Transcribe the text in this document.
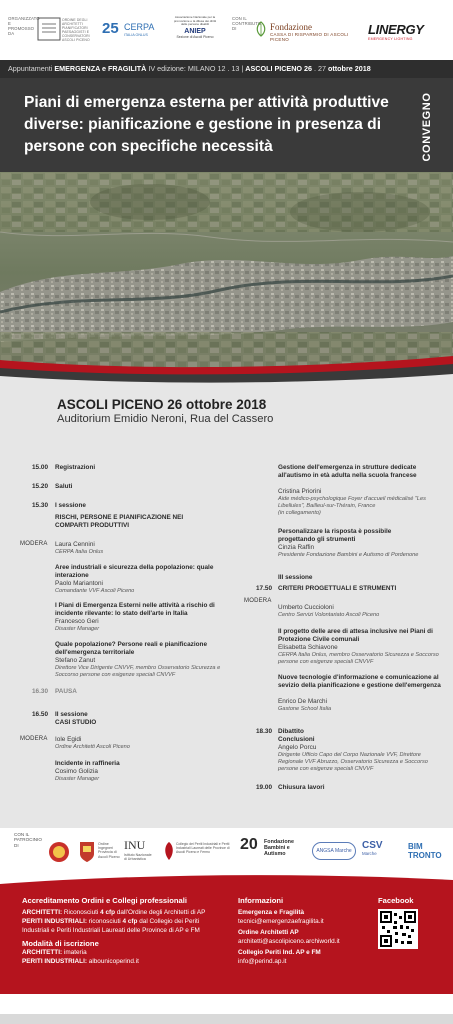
ORGANIZZATO E PROMOSSO DA
ORDINE DEGLI ARCHITETTI PIANIFICATORI PAESAGGISTI E CONSERVATORI ASCOLI PICENO
25 CERPA
ITALIA ONLUS
Associazione Nazionale per la promozione e la difesa dei diritti delle persone disabili
ANIEP
Sezione di Ascoli Piceno
CON IL CONTRIBUTO DI	Fondazione
CASSA DI RISPARMIO DI ASCOLI PICENO
LINERGY
EMERGENCY LIGHTING
Appuntamenti EMERGENZA e FRAGILITÀ IV edizione: MILANO 12 . 13 | ASCOLI PICENO 26 . 27 ottobre 2018
Piani di emergenza esterna per attività produttive diverse: pianificazione e gestione in presenza di persone con specifiche necessità	CONVEGNO
ASCOLI PICENO 26 ottobre 2018
Auditorium Emidio Neroni, Rua del Cassero
15.00 Registrazioni
15.20 Saluti
15.30 I sessione
RISCHI, PERSONE E PIANIFICAZIONE NEI COMPARTI PRODUTTIVI
MODERA Laura Cennini
CERPA Italia Onlus
Aree industriali e sicurezza della popolazione: quale interazione
Paolo Mariantoni
Comandante VVF Ascoli Piceno
I Piani di Emergenza Esterni nelle attività a rischio di incidente rilevante: lo stato dell'arte in Italia
Francesco Geri
Disaster Manager
Quale popolazione? Persone reali e pianificazione dell'emergenza territoriale
Stefano Zanut
Direttore Vice Dirigente CNVVF, membro Osservatorio Sicurezza e Soccorso persone con esigenze speciali CNVVF
16.30 PAUSA
16.50 II sessione
CASI STUDIO
MODERA Iole Egidi
Ordine Architetti Ascoli Piceno
Incidente in raffineria
Cosimo Golizia
Disaster Manager
Gestione dell'emergenza in strutture dedicate all'autismo in età adulta nella scuola francese
Cristina Priorini
Aide médico-psychologique Foyer d'accueil médicalisé "Les Libellules", Bailleul-sur-Thérain, France
(in collegamento)
Personalizzare la risposta è possibile progettando gli strumenti
Cinzia Raffin
Presidente Fondazione Bambini e Autismo di Pordenone
III sessione
17.50 CRITERI PROGETTUALI E STRUMENTI
MODERA
Umberto Cuccioloni
Centro Servizi Volontariato Ascoli Piceno
Il progetto delle aree di attesa inclusive nei Piani di Protezione Civile comunali
Elisabetta Schiavone
CERPA Italia Onlus, membro Osservatorio Sicurezza e Soccorso persone con esigenze speciali CNVVF
Nuove tecnologie d'informazione e comunicazione al sevizio della pianificazione e gestione dell'emergenza
Enrico De Marchi
Gastone School Italia
18.30 Dibattito
Conclusioni
Angelo Porcu
Dirigente Ufficio Capo del Corpo Nazionale VVF, Direttore Regionale VVF Abruzzo, Osservatorio Sicurezza e Soccorso persone con esigenze speciali CNVVF
19.00 Chiusura lavori
CON IL PATROCINIO DI	Ordine Ingegneri Provincia di Ascoli Piceno
INU
Istituto Nazionale di Urbanistica
Collegio dei Periti Industriali e Periti Industriali Laureati delle Province di Ascoli Piceno e Fermo	20 Fondazione Bambini e Autismo	ANGSA Marche	CSV
Marche
BIM TRONTO
Accreditamento Ordini e Collegi professionali
ARCHITETTI: Riconosciuti 4 cfp dall'Ordine degli Architetti di AP
PERITI INDUSTRIALI: riconosciuti 4 cfp dal Collegio dei Periti
Industriali e Periti Industriali Laureati delle Province di AP e FM
Modalità di iscrizione
ARCHITETTI: imateria
PERITI INDUSTRIALI: albounicoperind.it
Informazioni
Emergenza e Fragilità
tecnici@emergenzaefragilita.it
Ordine Architetti AP
architetti@ascolipiceno.archiworld.it
Collegio Periti Ind. AP e FM
info@perind.ap.it
Facebook
